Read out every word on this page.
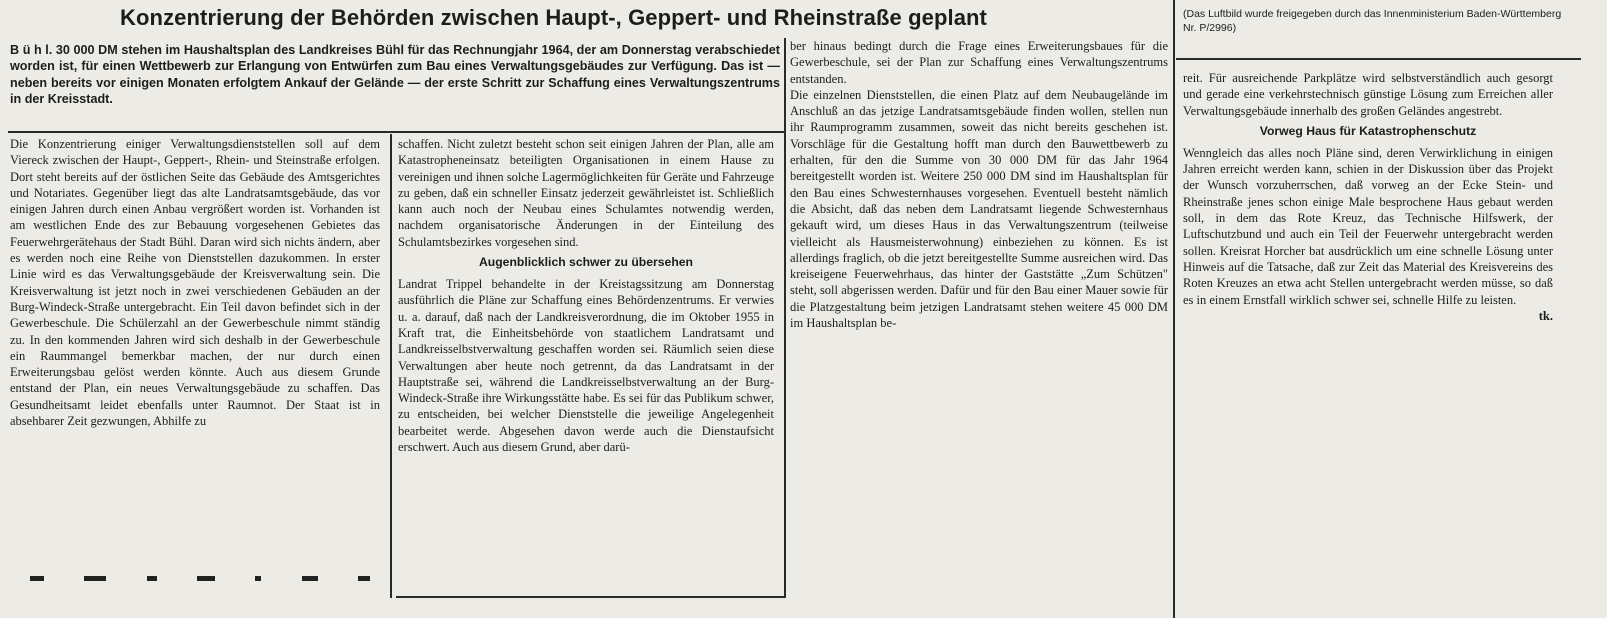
Konzentrierung der Behörden zwischen Haupt-, Geppert- und Rheinstraße geplant	(Das Luftbild wurde freigegeben durch das Innenministerium Baden-Württemberg Nr. P/2996)

B ü h l. 30 000 DM stehen im Haushaltsplan des Landkreises Bühl für das Rechnungjahr 1964, der am Donnerstag verabschiedet worden ist, für einen Wettbewerb zur Erlangung von Entwürfen zum Bau eines Verwaltungsgebäudes zur Verfügung. Das ist — neben bereits vor einigen Monaten erfolgtem Ankauf der Gelände — der erste Schritt zur Schaffung eines Verwaltungszentrums in der Kreisstadt.

Die Konzentrierung einiger Verwaltungsdienststellen soll auf dem Viereck zwischen der Haupt-, Geppert-, Rhein- und Steinstraße erfolgen. Dort steht bereits auf der östlichen Seite das Gebäude des Amtsgerichtes und Notariates. Gegenüber liegt das alte Landratsamtsgebäude, das vor einigen Jahren durch einen Anbau vergrößert worden ist. Vorhanden ist am westlichen Ende des zur Bebauung vorgesehenen Gebietes das Feuerwehrgerätehaus der Stadt Bühl. Daran wird sich nichts ändern, aber es werden noch eine Reihe von Dienststellen dazukommen. In erster Linie wird es das Verwaltungsgebäude der Kreisverwaltung sein. Die Kreisverwaltung ist jetzt noch in zwei verschiedenen Gebäuden an der Burg-Windeck-Straße untergebracht. Ein Teil davon befindet sich in der Gewerbeschule. Die Schülerzahl an der Gewerbeschule nimmt ständig zu. In den kommenden Jahren wird sich deshalb in der Gewerbeschule ein Raummangel bemerkbar machen, der nur durch einen Erweiterungsbau gelöst werden könnte. Auch aus diesem Grunde entstand der Plan, ein neues Verwaltungsgebäude zu schaffen. Das Gesundheitsamt leidet ebenfalls unter Raumnot. Der Staat ist in absehbarer Zeit gezwungen, Abhilfe zu

schaffen. Nicht zuletzt besteht schon seit einigen Jahren der Plan, alle am Katastropheneinsatz beteiligten Organisationen in einem Hause zu vereinigen und ihnen solche Lagermöglichkeiten für Geräte und Fahrzeuge zu geben, daß ein schneller Einsatz jederzeit gewährleistet ist. Schließlich kann auch noch der Neubau eines Schulamtes notwendig werden, nachdem organisatorische Änderungen in der Einteilung des Schulamtsbezirkes vorgesehen sind.

Augenblicklich schwer zu übersehen

Landrat Trippel behandelte in der Kreistagssitzung am Donnerstag ausführlich die Pläne zur Schaffung eines Behördenzentrums. Er verwies u. a. darauf, daß nach der Landkreisverordnung, die im Oktober 1955 in Kraft trat, die Einheitsbehörde von staatlichem Landratsamt und Landkreisselbstverwaltung geschaffen worden sei. Räumlich seien diese Verwaltungen aber heute noch getrennt, da das Landratsamt in der Hauptstraße sei, während die Landkreisselbstverwaltung an der Burg-Windeck-Straße ihre Wirkungsstätte habe. Es sei für das Publikum schwer, zu entscheiden, bei welcher Dienststelle die jeweilige Angelegenheit bearbeitet werde. Abgesehen davon werde auch die Dienstaufsicht erschwert. Auch aus diesem Grund, aber darü-

ber hinaus bedingt durch die Frage eines Erweiterungsbaues für die Gewerbeschule, sei der Plan zur Schaffung eines Verwaltungszentrums entstanden.

Die einzelnen Dienststellen, die einen Platz auf dem Neubaugelände im Anschluß an das jetzige Landratsamtsgebäude finden wollen, stellen nun ihr Raumprogramm zusammen, soweit das nicht bereits geschehen ist. Vorschläge für die Gestaltung hofft man durch den Bauwettbewerb zu erhalten, für den die Summe von 30 000 DM für das Jahr 1964 bereitgestellt worden ist. Weitere 250 000 DM sind im Haushaltsplan für den Bau eines Schwesternhauses vorgesehen. Eventuell besteht nämlich die Absicht, daß das neben dem Landratsamt liegende Schwesternhaus gekauft wird, um dieses Haus in das Verwaltungszentrum (teilweise vielleicht als Hausmeisterwohnung) einbeziehen zu können. Es ist allerdings fraglich, ob die jetzt bereitgestellte Summe ausreichen wird. Das kreiseigene Feuerwehrhaus, das hinter der Gaststätte „Zum Schützen" steht, soll abgerissen werden. Dafür und für den Bau einer Mauer sowie für die Platzgestaltung beim jetzigen Landratsamt stehen weitere 45 000 DM im Haushaltsplan be-

reit. Für ausreichende Parkplätze wird selbstverständlich auch gesorgt und gerade eine verkehrstechnisch günstige Lösung zum Erreichen aller Verwaltungsgebäude innerhalb des großen Geländes angestrebt.

Vorweg Haus für Katastrophenschutz

Wenngleich das alles noch Pläne sind, deren Verwirklichung in einigen Jahren erreicht werden kann, schien in der Diskussion über das Projekt der Wunsch vorzuherrschen, daß vorweg an der Ecke Stein- und Rheinstraße jenes schon einige Male besprochene Haus gebaut werden soll, in dem das Rote Kreuz, das Technische Hilfswerk, der Luftschutzbund und auch ein Teil der Feuerwehr untergebracht werden sollen. Kreisrat Horcher bat ausdrücklich um eine schnelle Lösung unter Hinweis auf die Tatsache, daß zur Zeit das Material des Kreisvereins des Roten Kreuzes an etwa acht Stellen untergebracht werden müsse, so daß es in einem Ernstfall wirklich schwer sei, schnelle Hilfe zu leisten.

tk.
